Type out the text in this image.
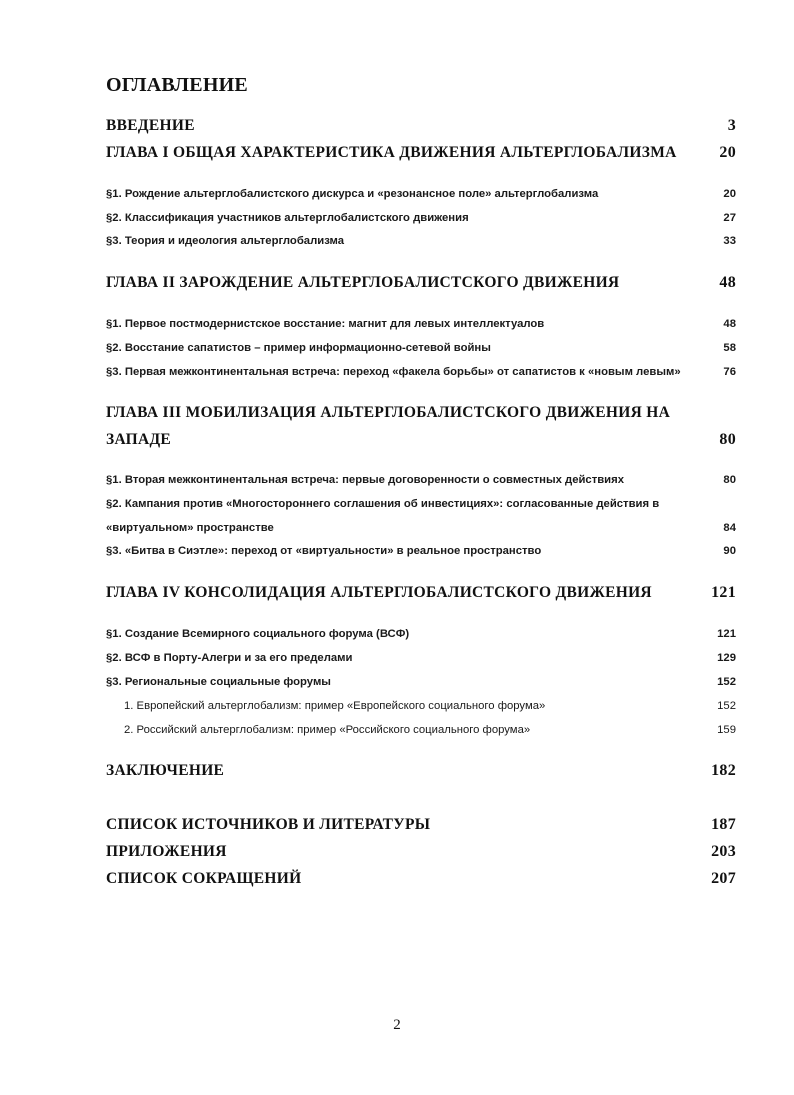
ОГЛАВЛЕНИЕ
ВВЕДЕНИЕ	3
ГЛАВА I ОБЩАЯ ХАРАКТЕРИСТИКА ДВИЖЕНИЯ АЛЬТЕРГЛОБАЛИЗМА	20
§1. Рождение альтерглобалистского дискурса и «резонансное поле» альтерглобализма	20
§2. Классификация участников альтерглобалистского движения	27
§3. Теория и идеология альтерглобализма	33
ГЛАВА II ЗАРОЖДЕНИЕ АЛЬТЕРГЛОБАЛИСТСКОГО ДВИЖЕНИЯ	48
§1. Первое постмодернистское восстание: магнит для левых интеллектуалов	48
§2. Восстание сапатистов – пример информационно-сетевой войны	58
§3. Первая межконтинентальная встреча: переход «факела борьбы» от сапатистов к «новым левым»	76
ГЛАВА III МОБИЛИЗАЦИЯ АЛЬТЕРГЛОБАЛИСТСКОГО ДВИЖЕНИЯ НА
ЗАПАДЕ	80
§1. Вторая межконтинентальная встреча: первые договоренности о совместных действиях	80
§2. Кампания против «Многостороннего соглашения об инвестициях»: согласованные действия в
«виртуальном» пространстве	84
§3. «Битва в Сиэтле»: переход от «виртуальности» в реальное пространство	90
ГЛАВА IV КОНСОЛИДАЦИЯ АЛЬТЕРГЛОБАЛИСТСКОГО ДВИЖЕНИЯ	121
§1. Создание Всемирного социального форума (ВСФ)	121
§2. ВСФ в Порту-Алегри и за его пределами	129
§3. Региональные социальные форумы	152
1. Европейский альтерглобализм: пример «Европейского социального форума»	152
2. Российский альтерглобализм: пример «Российского социального форума»	159
ЗАКЛЮЧЕНИЕ	182
СПИСОК ИСТОЧНИКОВ И ЛИТЕРАТУРЫ	187
ПРИЛОЖЕНИЯ	203
СПИСОК СОКРАЩЕНИЙ	207
2
